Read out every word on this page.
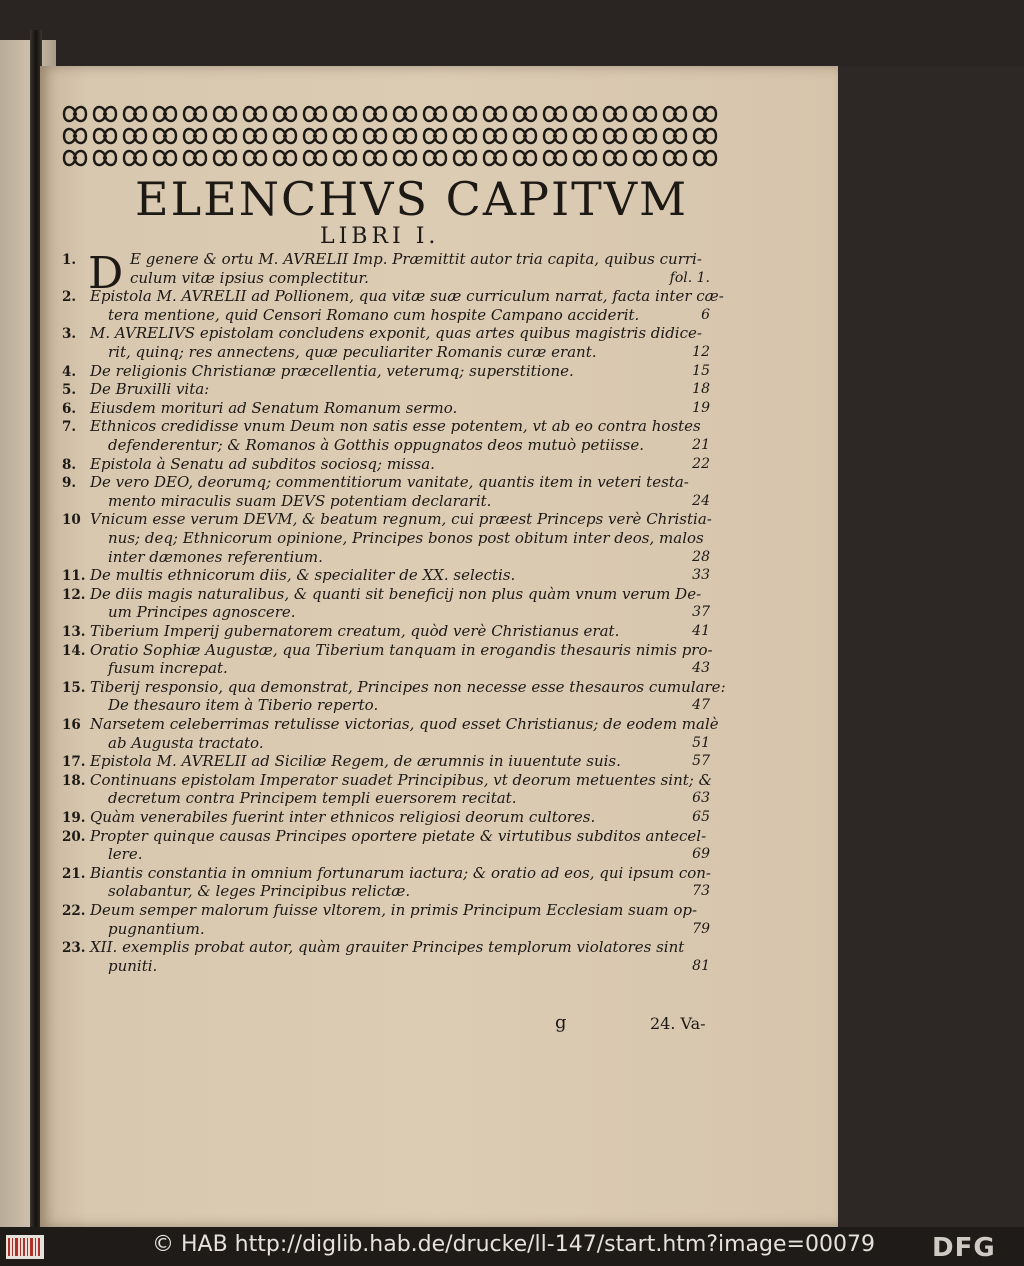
ELENCHVS CAPITVM
LIBRI I.
D
1.	E genere & ortu M. AVRELII Imp. Præmittit autor tria capita, quibus curri-
culum vitæ ipsius complectitur.	fol. 1.
2. Epistola M. AVRELII ad Pollionem, qua vitæ suæ curriculum narrat, facta inter cæ-
tera mentione, quid Censori Romano cum hospite Campano acciderit.	6
3. M. AVRELIVS epistolam concludens exponit, quas artes quibus magistris didice-
rit, quinq; res annectens, quæ peculiariter Romanis curæ erant.	12
4. De religionis Christianæ præcellentia, veterumq; superstitione.	15
5. De Bruxilli vita:	18
6. Eiusdem morituri ad Senatum Romanum sermo.	19
7. Ethnicos credidisse vnum Deum non satis esse potentem, vt ab eo contra hostes
defenderentur; & Romanos à Gotthis oppugnatos deos mutuò petiisse.	21
8. Epistola à Senatu ad subditos sociosq; missa.	22
9. De vero DEO, deorumq; commentitiorum vanitate, quantis item in veteri testa-
mento miraculis suam DEVS potentiam declararit.	24
10 Vnicum esse verum DEVM, & beatum regnum, cui præest Princeps verè Christia-
nus; deq; Ethnicorum opinione, Principes bonos post obitum inter deos, malos
inter dæmones referentium.	28
11. De multis ethnicorum diis, & specialiter de XX. selectis.	33
12. De diis magis naturalibus, & quanti sit beneficij non plus quàm vnum verum De-
um Principes agnoscere.	37
13. Tiberium Imperij gubernatorem creatum, quòd verè Christianus erat.	41
14. Oratio Sophiæ Augustæ, qua Tiberium tanquam in erogandis thesauris nimis pro-
fusum increpat.	43
15. Tiberij responsio, qua demonstrat, Principes non necesse esse thesauros cumulare:
De thesauro item à Tiberio reperto.	47
16 Narsetem celeberrimas retulisse victorias, quod esset Christianus; de eodem malè
ab Augusta tractato.	51
17. Epistola M. AVRELII ad Siciliæ Regem, de ærumnis in iuuentute suis.	57
18. Continuans epistolam Imperator suadet Principibus, vt deorum metuentes sint; &
decretum contra Principem templi euersorem recitat.	63
19. Quàm venerabiles fuerint inter ethnicos religiosi deorum cultores.	65
20. Propter quinque causas Principes oportere pietate & virtutibus subditos antecel-
lere.	69
21. Biantis constantia in omnium fortunarum iactura; & oratio ad eos, qui ipsum con-
solabantur, & leges Principibus relictæ.	73
22. Deum semper malorum fuisse vltorem, in primis Principum Ecclesiam suam op-
pugnantium.	79
23. XII. exemplis probat autor, quàm grauiter Principes templorum violatores sint
puniti.	81
g	24. Va-
© HAB http://diglib.hab.de/drucke/ll-147/start.htm?image=00079 DFG
